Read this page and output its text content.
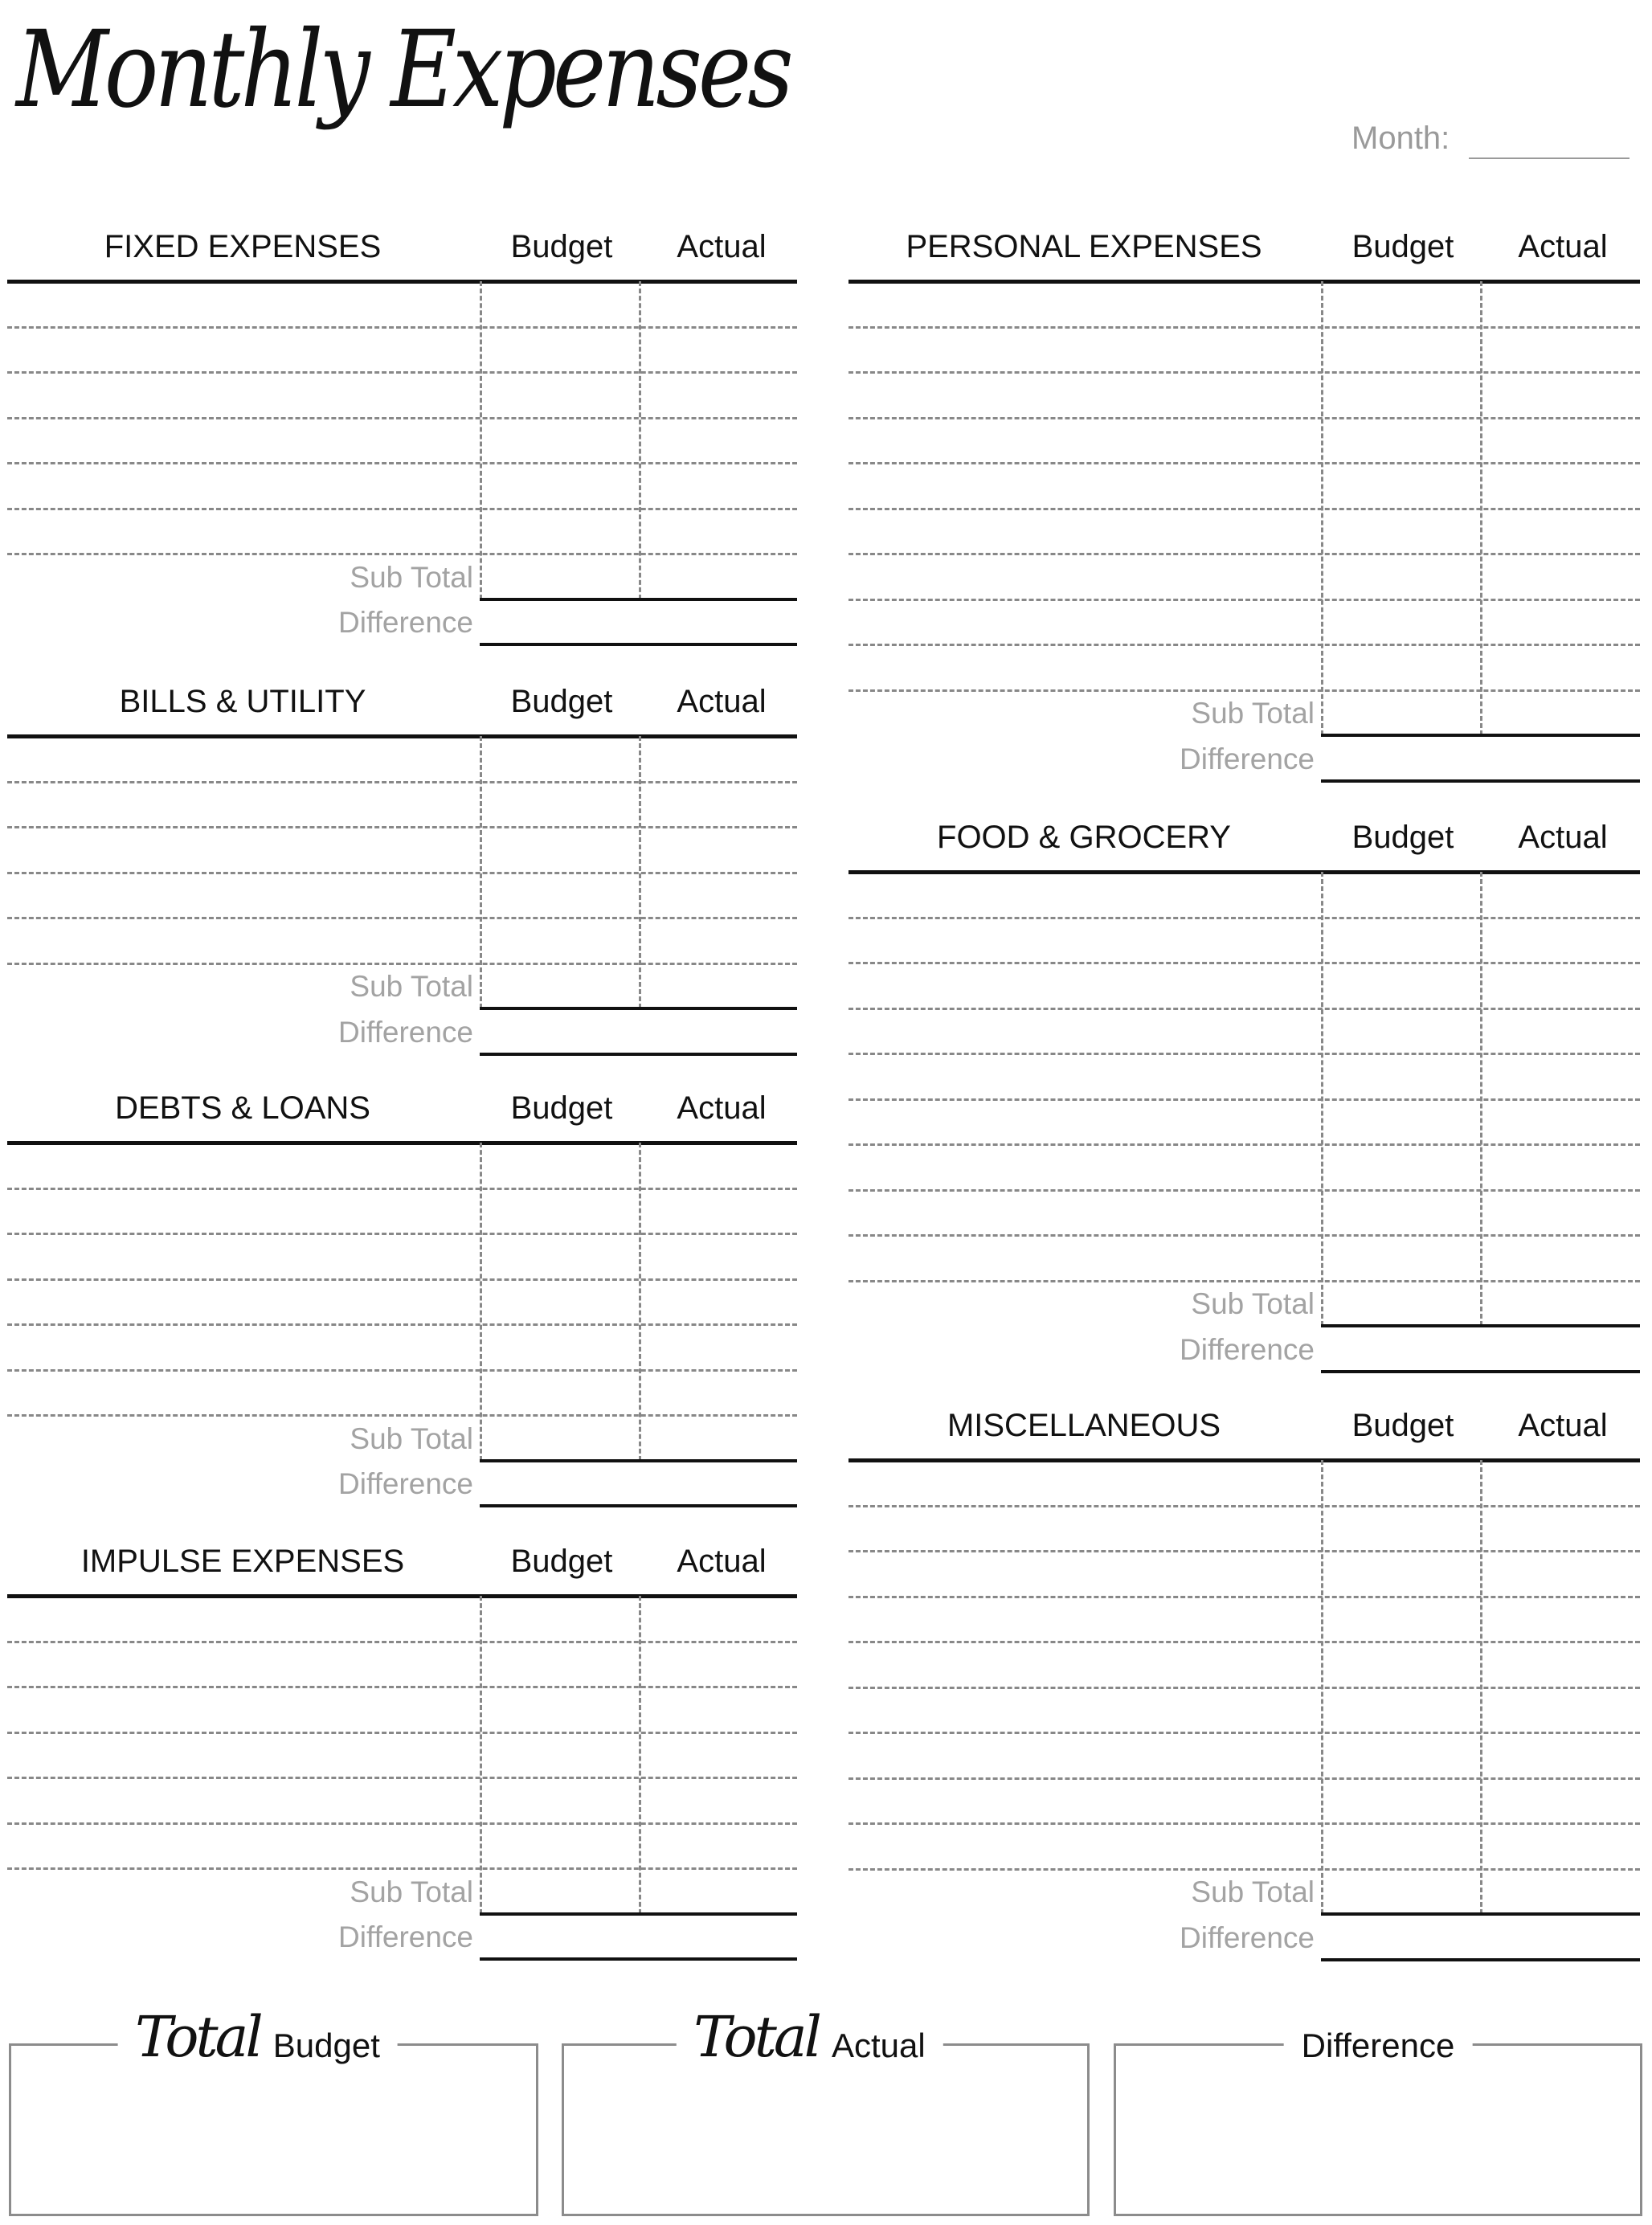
Monthly Expenses
Month:
FIXED EXPENSES	Budget Actual
Sub Total
Difference
BILLS & UTILITY	Budget Actual
Sub Total
Difference
DEBTS & LOANS	Budget Actual
Sub Total
Difference
IMPULSE EXPENSES	Budget Actual
Sub Total
Difference
PERSONAL EXPENSES	Budget Actual
Sub Total
Difference
FOOD & GROCERY	Budget Actual
Sub Total
Difference
MISCELLANEOUS	Budget Actual
Sub Total
Difference
Total Budget	Total Actual	Difference
